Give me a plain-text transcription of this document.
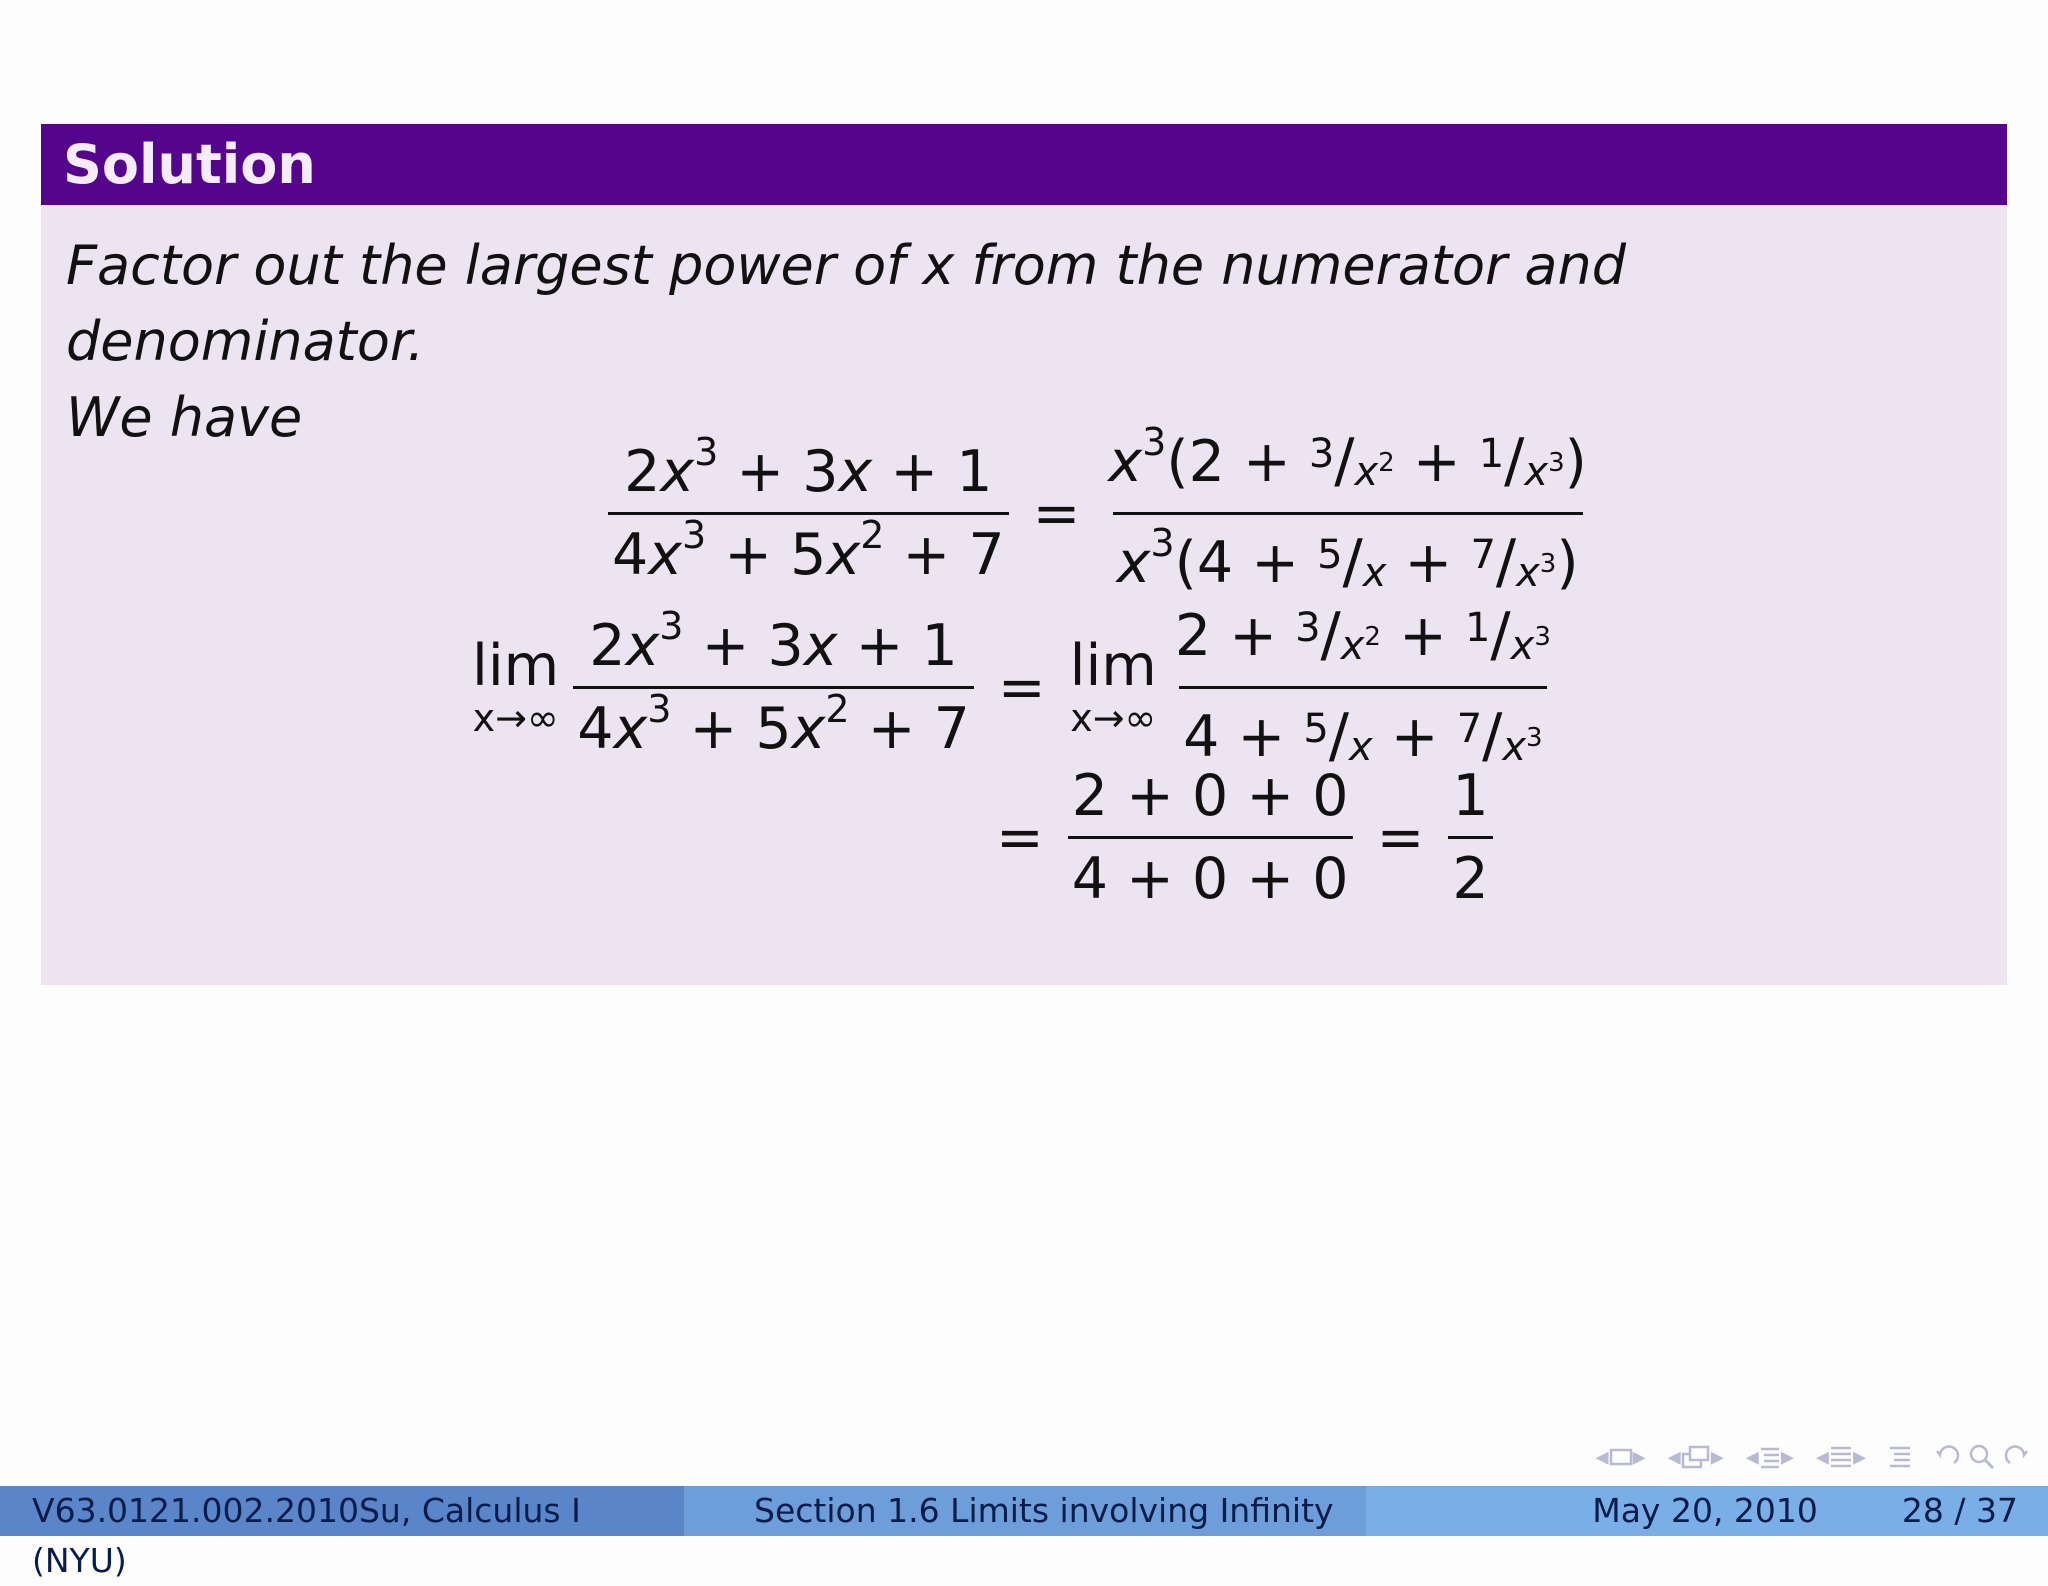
Solution
Factor out the largest power of x from the numerator and denominator.
We have
$\frac{2x^3 + 3x + 1}{4x^3 + 5x^2 + 7} = \frac{x^3(2 + ^3/x^2 + ^1/x^3)}{x^3(4 + ^5/x + ^7/x^3)}$
lim
$x\to\infty \frac{2x^3 + 3x + 1}{4x^3 + 5x^2 + 7} = \lim$
$x\to\infty \frac{2 + ^3/x^2 + ^1/x^3}{4 + ^5/x + ^7/x^3}$
= $\frac{2 + 0 + 0}{4 + 0 + 0} = \frac{1}{2}$
◂
▸ ◂
▸ ◂
▸ ◂
▸
V63.0121.002.2010Su, Calculus I (NYU)
Section 1.6 Limits involving Infinity	May 20, 2010	28 / 37
